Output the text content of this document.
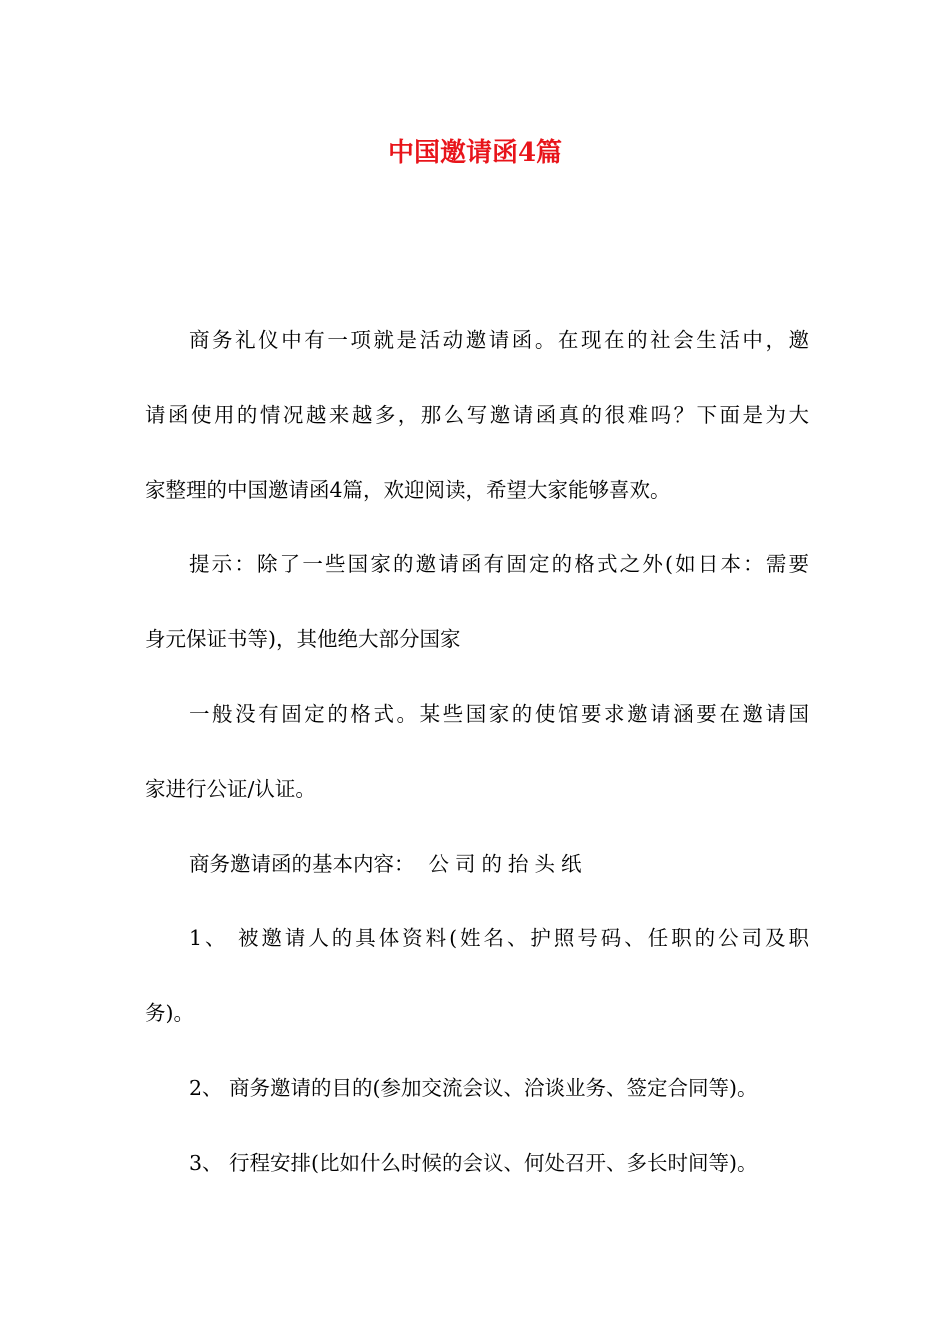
中国邀请函4篇
商务礼仪中有一项就是活动邀请函。在现在的社会生活中，邀
请函使用的情况越来越多，那么写邀请函真的很难吗？下面是为大
家整理的中国邀请函4篇，欢迎阅读，希望大家能够喜欢。
提示：除了一些国家的邀请函有固定的格式之外(如日本：需要
身元保证书等)，其他绝大部分国家
一般没有固定的格式。某些国家的使馆要求邀请涵要在邀请国
家进行公证/认证。
商务邀请函的基本内容： 公司的抬头纸
1、 被邀请人的具体资料(姓名、护照号码、任职的公司及职
务)。
2、 商务邀请的目的(参加交流会议、洽谈业务、签定合同等)。
3、 行程安排(比如什么时候的会议、何处召开、多长时间等)。
